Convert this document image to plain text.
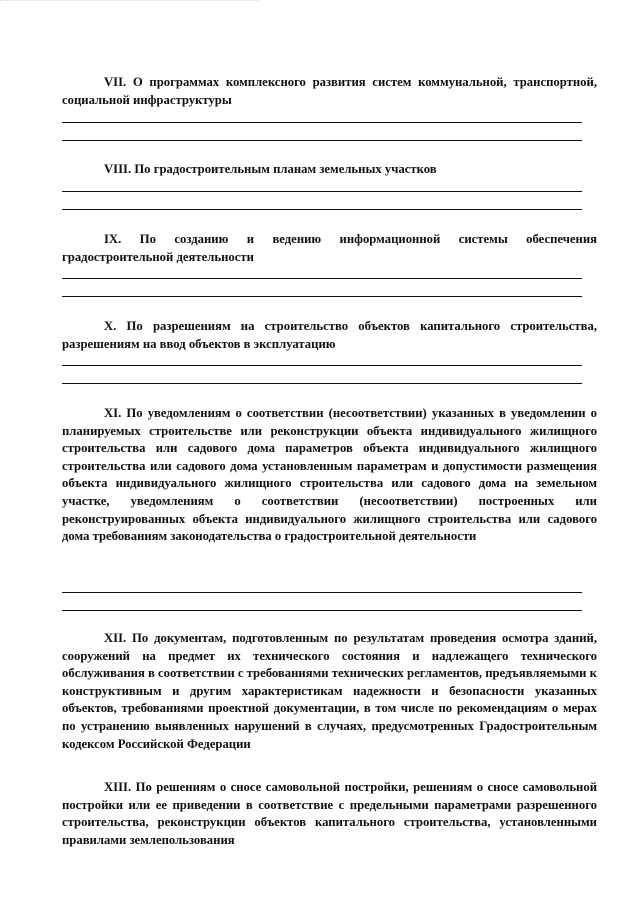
VII. О программах комплексного развития систем коммунальной, транспортной, социальной инфраструктуры

VIII. По градостроительным планам земельных участков

IX. По созданию и ведению информационной системы обеспечения градостроительной деятельности

X. По разрешениям на строительство объектов капитального строительства, разрешениям на ввод объектов в эксплуатацию

XI. По уведомлениям о соответствии (несоответствии) указанных в уведомлении о планируемых строительстве или реконструкции объекта индивидуального жилищного строительства или садового дома параметров объекта индивидуального жилищного строительства или садового дома установленным параметрам и допустимости размещения объекта индивидуального жилищного строительства или садового дома на земельном участке, уведомлениям о соответствии (несоответствии) построенных или реконструированных объекта индивидуального жилищного строительства или садового дома требованиям законодательства о градостроительной деятельности

XII. По документам, подготовленным по результатам проведения осмотра зданий, сооружений на предмет их технического состояния и надлежащего технического обслуживания в соответствии с требованиями технических регламентов, предъявляемыми к конструктивным и другим характеристикам надежности и безопасности указанных объектов, требованиями проектной документации, в том числе по рекомендациям о мерах по устранению выявленных нарушений в случаях, предусмотренных Градостроительным кодексом Российской Федерации

XIII. По решениям о сносе самовольной постройки, решениям о сносе самовольной постройки или ее приведении в соответствие с предельными параметрами разрешенного строительства, реконструкции объектов капитального строительства, установленными правилами землепользования
